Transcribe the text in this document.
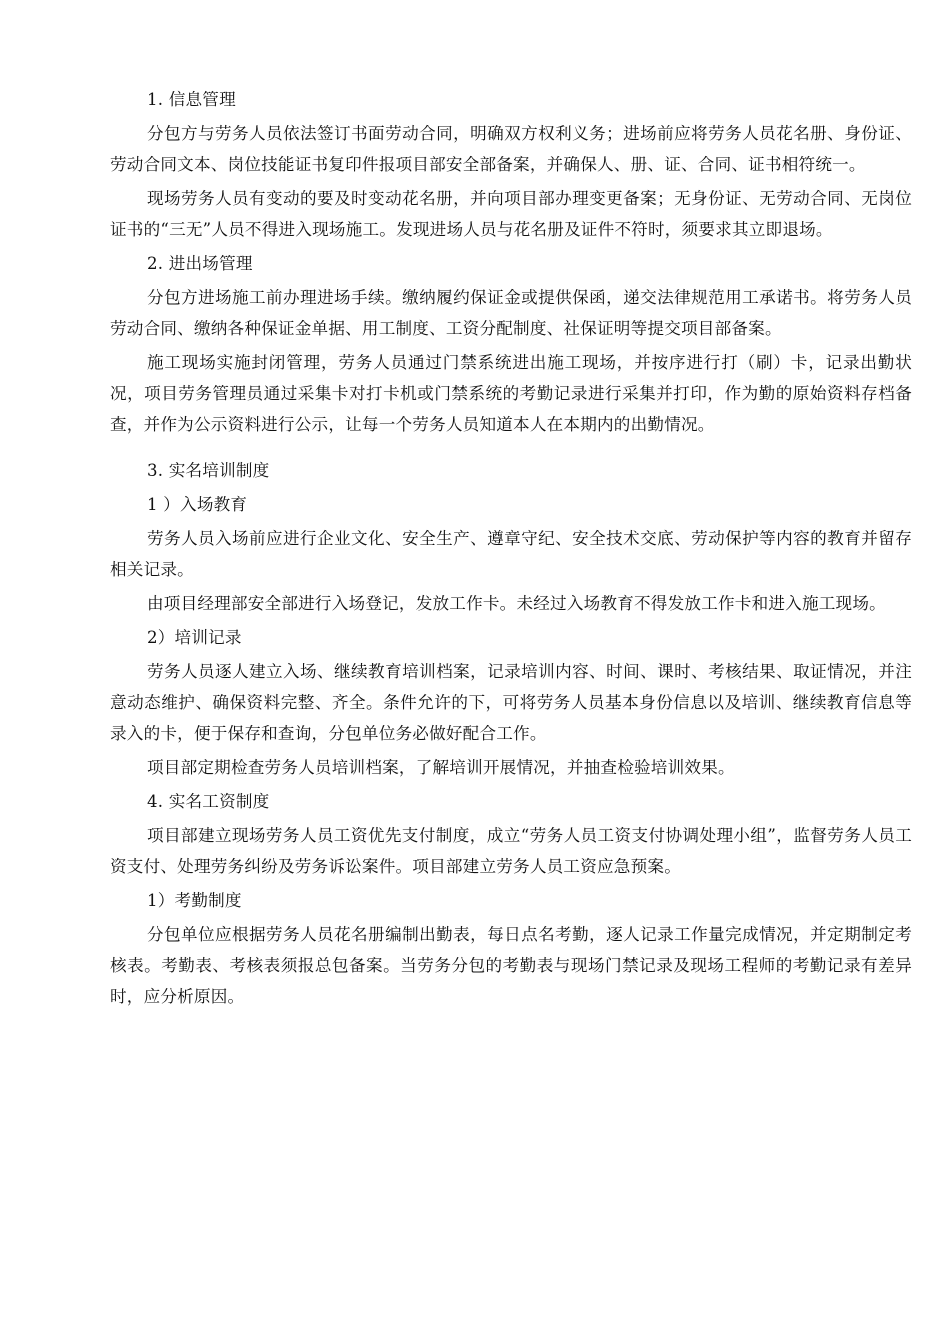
1. 信息管理

分包方与劳务人员依法签订书面劳动合同，明确双方权利义务；进场前应将劳务人员花名册、身份证、劳动合同文本、岗位技能证书复印件报项目部安全部备案，并确保人、册、证、合同、证书相符统一。

现场劳务人员有变动的要及时变动花名册，并向项目部办理变更备案；无身份证、无劳动合同、无岗位证书的“三无”人员不得进入现场施工。发现进场人员与花名册及证件不符时，须要求其立即退场。

2. 进出场管理

分包方进场施工前办理进场手续。缴纳履约保证金或提供保函，递交法律规范用工承诺书。将劳务人员劳动合同、缴纳各种保证金单据、用工制度、工资分配制度、社保证明等提交项目部备案。

施工现场实施封闭管理，劳务人员通过门禁系统进出施工现场，并按序进行打（刷）卡，记录出勤状况，项目劳务管理员通过采集卡对打卡机或门禁系统的考勤记录进行采集并打印，作为勤的原始资料存档备查，并作为公示资料进行公示，让每一个劳务人员知道本人在本期内的出勤情况。

3. 实名培训制度

1 ）入场教育

劳务人员入场前应进行企业文化、安全生产、遵章守纪、安全技术交底、劳动保护等内容的教育并留存相关记录。

由项目经理部安全部进行入场登记，发放工作卡。未经过入场教育不得发放工作卡和进入施工现场。

2）培训记录

劳务人员逐人建立入场、继续教育培训档案，记录培训内容、时间、课时、考核结果、取证情况，并注意动态维护、确保资料完整、齐全。条件允许的下，可将劳务人员基本身份信息以及培训、继续教育信息等录入的卡，便于保存和查询，分包单位务必做好配合工作。

项目部定期检查劳务人员培训档案，了解培训开展情况，并抽查检验培训效果。

4. 实名工资制度

项目部建立现场劳务人员工资优先支付制度，成立“劳务人员工资支付协调处理小组”，监督劳务人员工资支付、处理劳务纠纷及劳务诉讼案件。项目部建立劳务人员工资应急预案。

1）考勤制度

分包单位应根据劳务人员花名册编制出勤表，每日点名考勤，逐人记录工作量完成情况，并定期制定考核表。考勤表、考核表须报总包备案。当劳务分包的考勤表与现场门禁记录及现场工程师的考勤记录有差异时，应分析原因。
